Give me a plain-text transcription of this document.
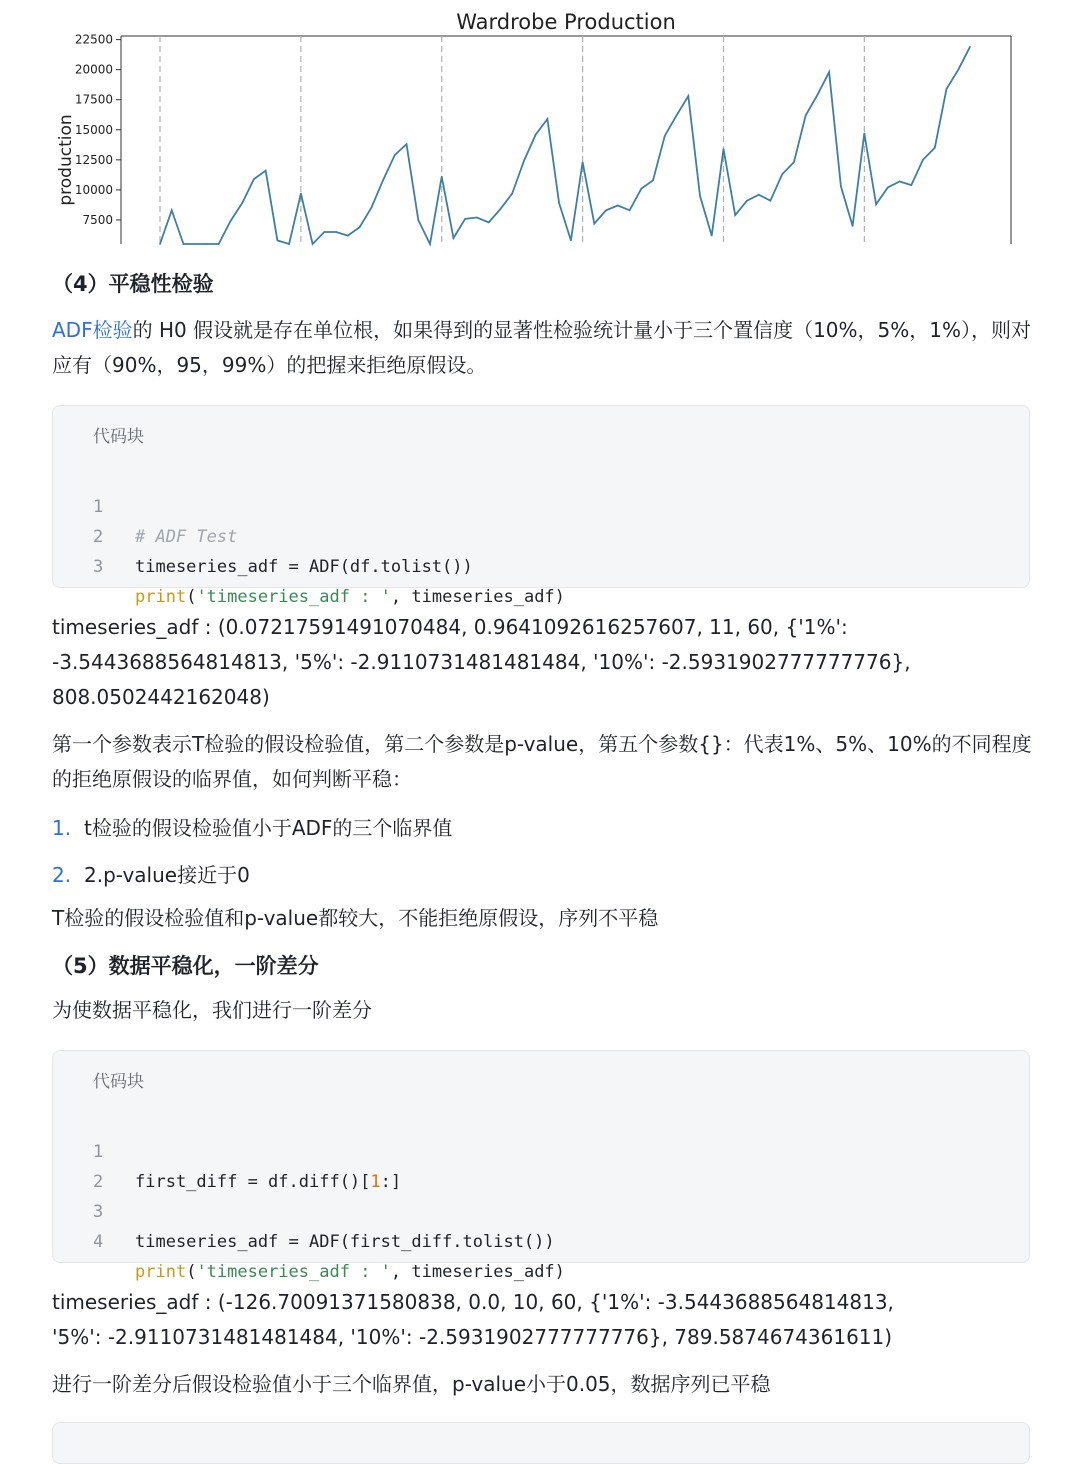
Wardrobe Production
production
7500
10000
12500
15000
17500
20000
22500
（4）平稳性检验

ADF检验的 H0 假设就是存在单位根，如果得到的显著性检验统计量小于三个置信度（10%，5%，1%），则对应有（90%，95，99%）的把握来拒绝原假设。

代码块

1

# ADF Test

2

timeseries_adf = ADF(df.tolist())

3

print('timeseries_adf : ', timeseries_adf)

timeseries_adf : (0.07217591491070484, 0.9641092616257607, 11, 60, {'1%': -3.5443688564814813, '5%': -2.9110731481481484, '10%': -2.5931902777777776}, 808.0502442162048)

第一个参数表示T检验的假设检验值，第二个参数是p-value，第五个参数{}：代表1%、5%、10%的不同程度的拒绝原假设的临界值，如何判断平稳：

1. t检验的假设检验值小于ADF的三个临界值
2. 2.p-value接近于0

T检验的假设检验值和p-value都较大，不能拒绝原假设，序列不平稳

（5）数据平稳化，一阶差分

为使数据平稳化，我们进行一阶差分

代码块

1

first_diff = df.diff()[1:]

2

3

timeseries_adf = ADF(first_diff.tolist())

4

print('timeseries_adf : ', timeseries_adf)

timeseries_adf : (-126.70091371580838, 0.0, 10, 60, {'1%': -3.5443688564814813, '5%': -2.9110731481481484, '10%': -2.5931902777777776}, 789.5874674361611)

进行一阶差分后假设检验值小于三个临界值，p-value小于0.05，数据序列已平稳
